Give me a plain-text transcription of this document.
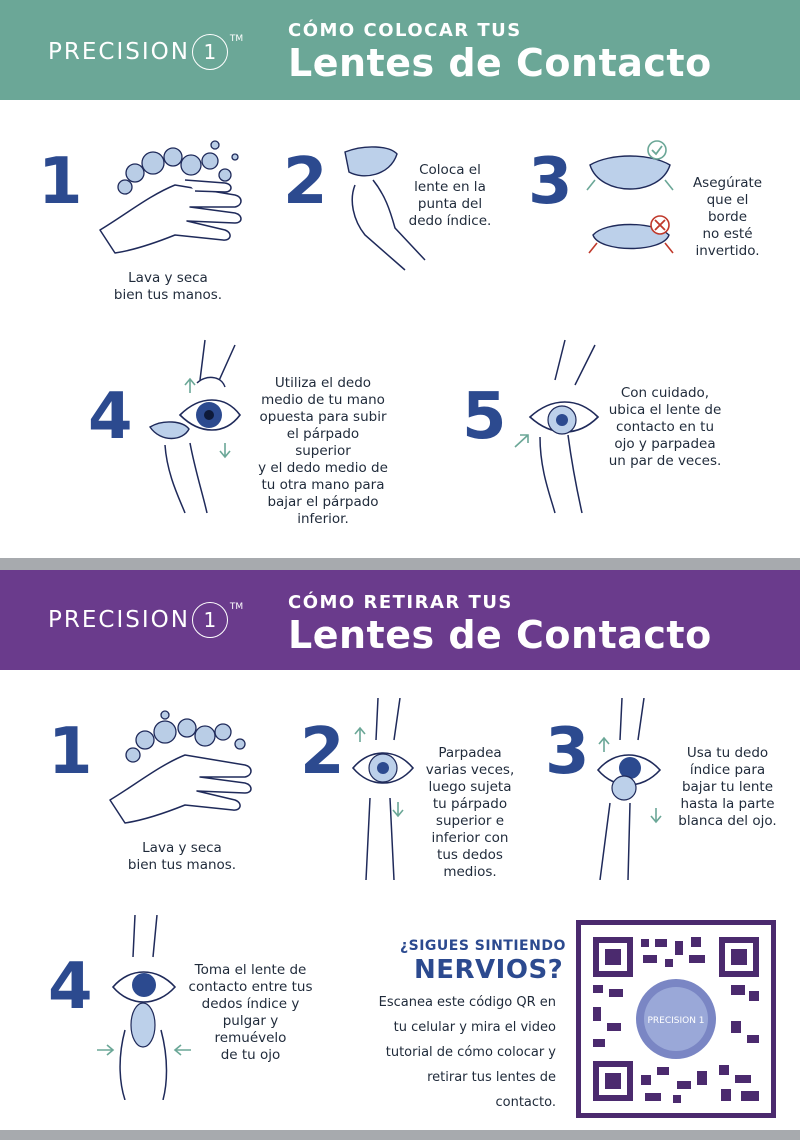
PRECISION 1
TM CÓMO COLOCAR TUS
Lentes de Contacto
1
Lava y seca
bien tus manos.
2	Coloca el
lente en la
punta del
dedo índice.
3	Asegúrate
que el borde
no esté
invertido.
4	Utiliza el dedo
medio de tu mano
opuesta para subir
el párpado superior
y el dedo medio de
tu otra mano para
bajar el párpado
inferior.
5	Con cuidado,
ubica el lente de
contacto en tu
ojo y parpadea
un par de veces.
PRECISION 1
TM CÓMO RETIRAR TUS
Lentes de Contacto
1
Lava y seca
bien tus manos.
2	Parpadea
varias veces,
luego sujeta
tu párpado
superior e
inferior con
tus dedos
medios.
3	Usa tu dedo
índice para
bajar tu lente
hasta la parte
blanca del ojo.
4	Toma el lente de
contacto entre tus
dedos índice y
pulgar y remuévelo
de tu ojo
¿SIGUES SINTIENDO
NERVIOS?
Escanea este código QR en
tu celular y mira el video
tutorial de cómo colocar y
retirar tus lentes de
contacto.
PRECISION 1
